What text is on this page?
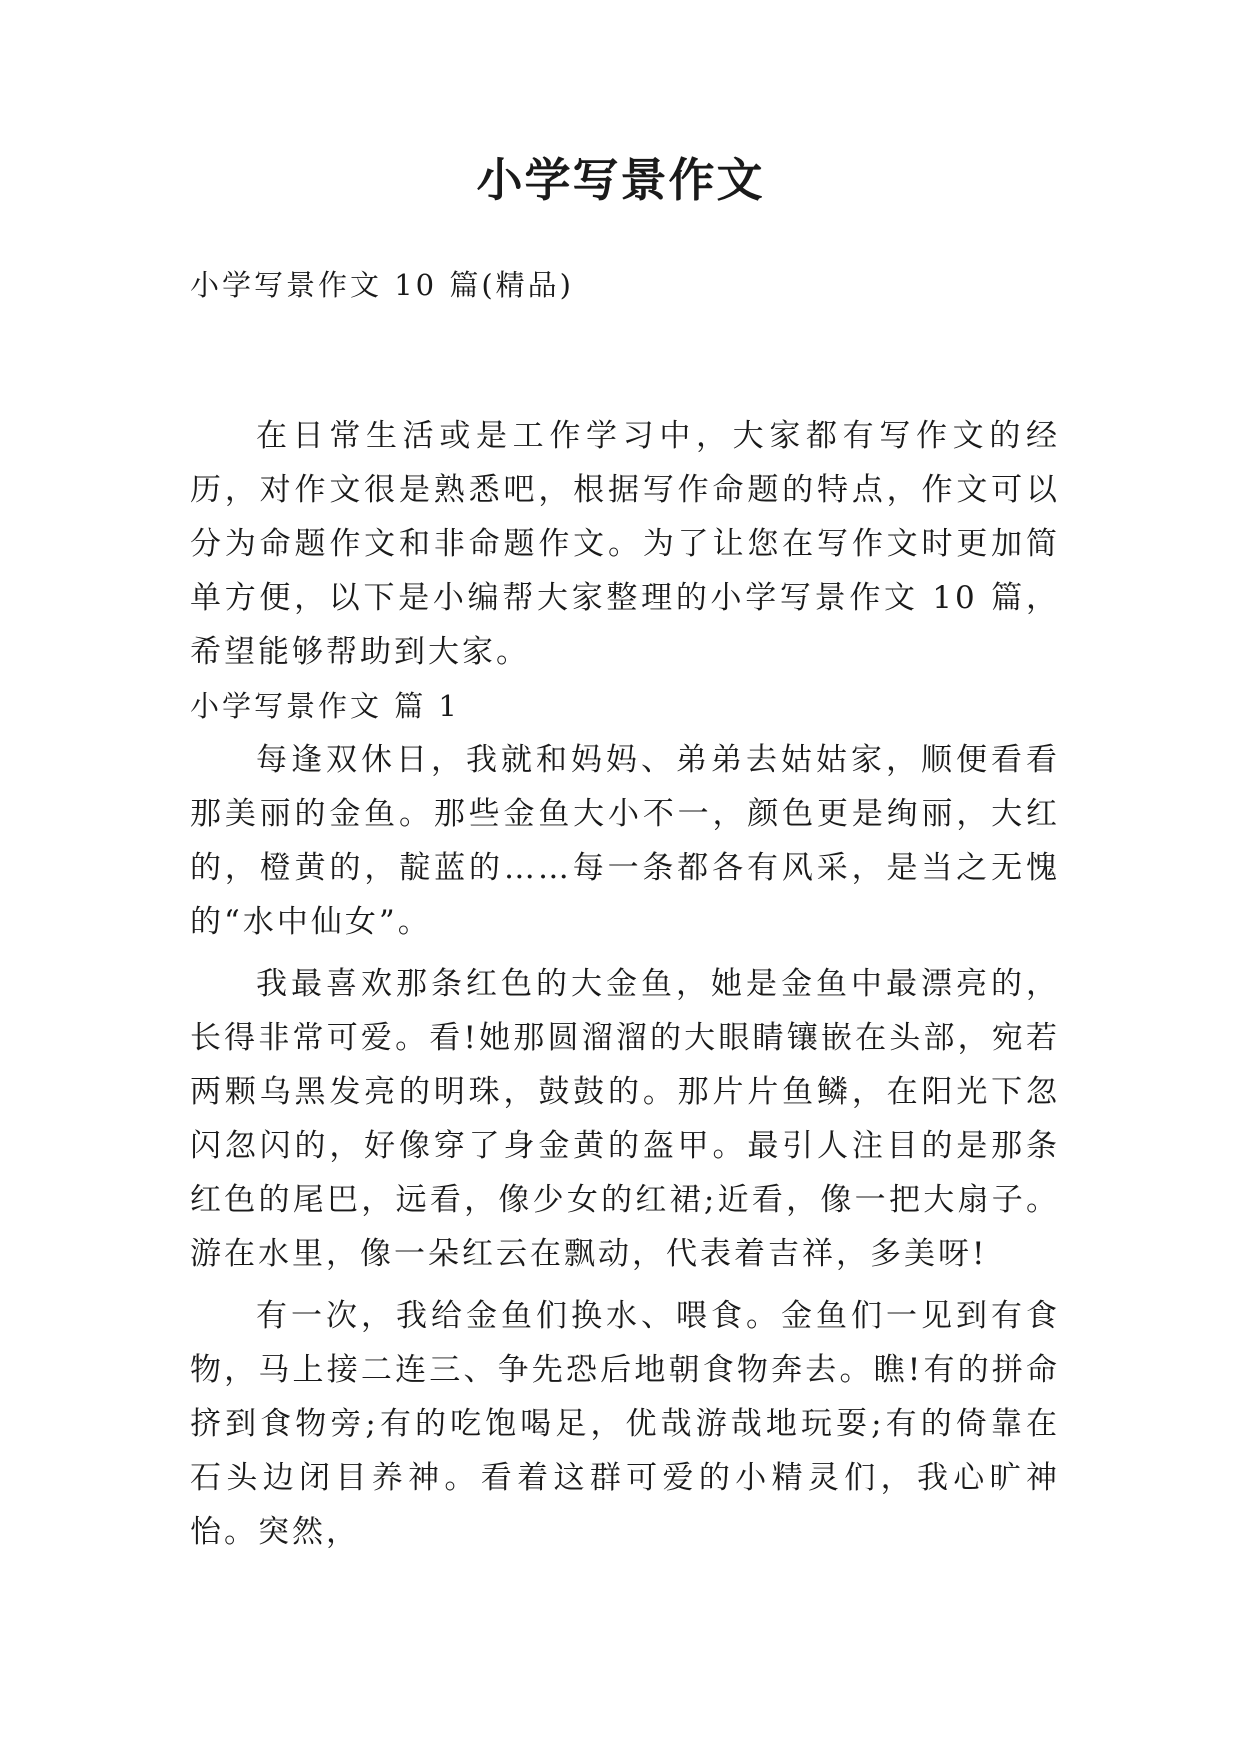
小学写景作文

小学写景作文 10 篇(精品)

在日常生活或是工作学习中，大家都有写作文的经历，对作文很是熟悉吧，根据写作命题的特点，作文可以分为命题作文和非命题作文。为了让您在写作文时更加简单方便，以下是小编帮大家整理的小学写景作文 10 篇，希望能够帮助到大家。

小学写景作文 篇 1

每逢双休日，我就和妈妈、弟弟去姑姑家，顺便看看那美丽的金鱼。那些金鱼大小不一，颜色更是绚丽，大红的，橙黄的，靛蓝的……每一条都各有风采，是当之无愧的“水中仙女”。

我最喜欢那条红色的大金鱼，她是金鱼中最漂亮的，长得非常可爱。看!她那圆溜溜的大眼睛镶嵌在头部，宛若两颗乌黑发亮的明珠，鼓鼓的。那片片鱼鳞，在阳光下忽闪忽闪的，好像穿了身金黄的盔甲。最引人注目的是那条红色的尾巴，远看，像少女的红裙;近看，像一把大扇子。游在水里，像一朵红云在飘动，代表着吉祥，多美呀!

有一次，我给金鱼们换水、喂食。金鱼们一见到有食物，马上接二连三、争先恐后地朝食物奔去。瞧!有的拼命挤到食物旁;有的吃饱喝足，优哉游哉地玩耍;有的倚靠在石头边闭目养神。看着这群可爱的小精灵们，我心旷神怡。突然，
